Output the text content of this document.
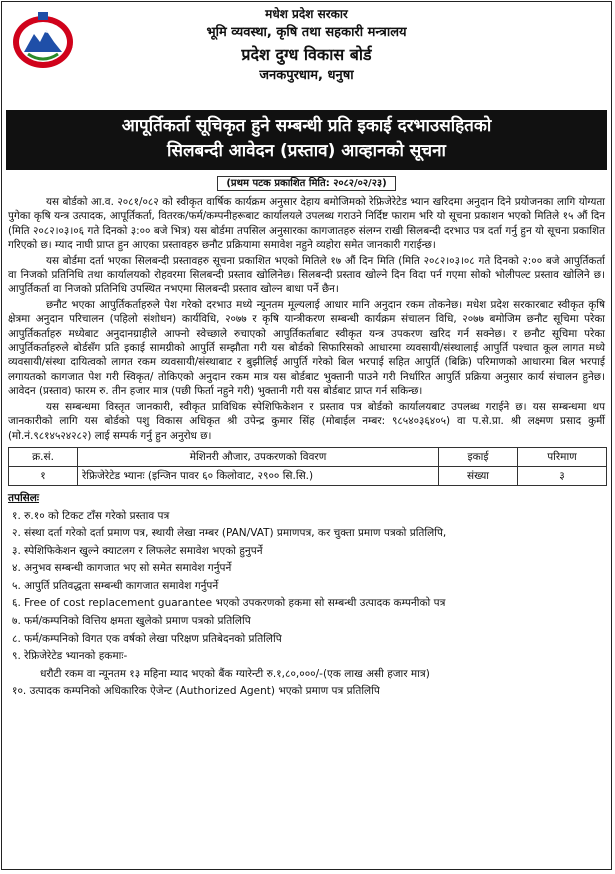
मधेश प्रदेश सरकार
भूमि व्यवस्था, कृषि तथा सहकारी मन्त्रालय
प्रदेश दुग्ध विकास बोर्ड
जनकपुरधाम, धनुषा
आपूर्तिकर्ता सूचिकृत हुने सम्बन्धी प्रति इकाई दरभाउसहितको
सिलबन्दी आवेदन (प्रस्ताव) आव्हानको सूचना
(प्रथम पटक प्रकाशित मिति: २०८२/०२/२३)

यस बोर्डको आ.व. २०८१/०८२ को स्वीकृत वार्षिक कार्यक्रम अनुसार देहाय बमोजिमको रेफ्रिजेरेटेड भ्यान खरिदमा अनुदान दिने प्रयोजनका लागि योग्यता पुगेका कृषि यन्त्र उत्पादक, आपूर्तिकर्ता, वितरक/फर्म/कम्पनीहरूबाट कार्यालयले उपलब्ध गराउने निर्दिष्ट फाराम भरि यो सूचना प्रकाशन भएको मितिले १५ औं दिन (मिति २०८२।०३।०६ गते दिनको ३:०० बजे भित्र) यस बोर्डमा तपसिल अनुसारका कागजातहरु संलग्न राखी सिलबन्दी दरभाउ पत्र दर्ता गर्नु हुन यो सूचना प्रकाशित गरिएको छ। म्याद नाघी प्राप्त हुन आएका प्रस्तावहरु छनौट प्रक्रियामा समावेश नहुने व्यहोरा समेत जानकारी गराईन्छ।

यस बोर्डमा दर्ता भएका सिलबन्दी प्रस्तावहरु सूचना प्रकाशित भएको मितिले १७ औं दिन मिति (मिति २०८२।०३।०८ गते दिनको २:०० बजे आपुर्तिकर्ता वा निजको प्रतिनिधि तथा कार्यालयको रोहवरमा सिलबन्दी प्रस्ताव खोलिनेछ। सिलबन्दी प्रस्ताव खोल्ने दिन विदा पर्न गएमा सोको भोलीपल्ट प्रस्ताव खोलिने छ। आपुर्तिकर्ता वा निजको प्रतिनिधि उपस्थित नभएमा सिलबन्दी प्रस्ताव खोल्न बाधा पर्ने छैन।

छनौट भएका आपुर्तिकर्ताहरुले पेश गरेको दरभाउ मध्ये न्यूनतम मूल्यलाई आधार मानि अनुदान रकम तोकनेछ। मधेश प्रदेश सरकारबाट स्वीकृत कृषि क्षेत्रमा अनुदान परिचालन (पहिलो संशोधन) कार्यविधि, २०७७ र कृषि यान्त्रीकरण सम्बन्धी कार्यक्रम संचालन विधि, २०७७ बमोजिम छनौट सूचिमा परेका आपुर्तिकर्ताहरु मध्येबाट अनुदानग्राहीले आफ्नो स्वेच्छाले रुचाएको आपुर्तिकर्ताबाट स्वीकृत यन्त्र उपकरण खरिद गर्न सक्नेछ। र छनौट सूचिमा परेका आपुर्तिकर्ताहरुले बोर्डसँग प्रति इकाई सामग्रीको आपुर्ति सम्झौता गरी यस बोर्डको सिफारिसको आधारमा व्यवसायी/संस्थालाई आपुर्ति पश्चात कूल लागत मध्ये व्यवसायी/संस्था दायित्वको लागत रकम व्यवसायी/संस्थाबाट र बुझीलिई आपुर्ति गरेको बिल भरपाई सहित आपुर्ति (बिक्रि) परिमाणको आधारमा बिल भरपाई लगायतको कागजात पेश गरी स्विकृत/ तोकिएको अनुदान रकम मात्र यस बोर्डबाट भुक्तानी पाउने गरी निर्धारित आपुर्ति प्रक्रिया अनुसार कार्य संचालन हुनेछ। आवेदन (प्रस्ताव) फारम रु. तीन हजार मात्र (पछी फिर्ता नहुने गरी) भुक्तानी गरी यस बोर्डबाट प्राप्त गर्न सकिन्छ।

यस सम्बन्धमा विस्तृत जानकारी, स्वीकृत प्राविधिक स्पेशिफिकेशन र प्रस्ताव पत्र बोर्डको कार्यालयबाट उपलब्ध गराईने छ। यस सम्बन्धमा थप जानकारीको लागि यस बोर्डको पशु विकास अधिकृत श्री उपेन्द्र कुमार सिंह (मोबाईल नम्बर: ९८५४०३६४०५) वा प.से.प्रा. श्री लक्ष्मण प्रसाद कुर्मी (मो.नं.९८१४५२४२८२) लाई सम्पर्क गर्नु हुन अनुरोध छ।

क्र.सं.	मेशिनरी औजार, उपकरणको विवरण	इकाई	परिमाण
१	रेफ्रिजेरेटेड भ्यानः (इन्जिन पावर ६० किलोवाट, २९०० सि.सि.)	संख्या	३
तपसिलः
१. रु.१० को टिकट टाँस गरेको प्रस्ताव पत्र
२. संस्था दर्ता गरेको दर्ता प्रमाण पत्र, स्थायी लेखा नम्बर (PAN/VAT) प्रमाणपत्र, कर चुक्ता प्रमाण पत्रको प्रतिलिपि,
३. स्पेशिफिकेशन खुल्ने क्याटलग र लिफलेट समावेश भएको हुनुपर्ने
४. अनुभव सम्बन्धी कागजात भए सो समेत समावेश गर्नुपर्ने
५. आपुर्ति प्रतिवद्धता सम्बन्धी कागजात समावेश गर्नुपर्ने
६. Free of cost replacement guarantee भएको उपकरणको हकमा सो सम्बन्धी उत्पादक कम्पनीको पत्र
७. फर्म/कम्पनिको वित्तिय क्षमता खुलेको प्रमाण पत्रको प्रतिलिपि
८. फर्म/कम्पनिको विगत एक वर्षको लेखा परिक्षण प्रतिबेदनको प्रतिलिपि
९. रेफ्रिजेरेटेड भ्यानको हकमाः-
धरौटी रकम वा न्यूनतम १३ महिना म्याद भएको बैंक ग्यारेन्टी रु.१,८०,०००/-(एक लाख असी हजार मात्र)
१०. उत्पादक कम्पनिको अधिकारिक ऐजेन्ट (Authorized Agent) भएको प्रमाण पत्र प्रतिलिपि
